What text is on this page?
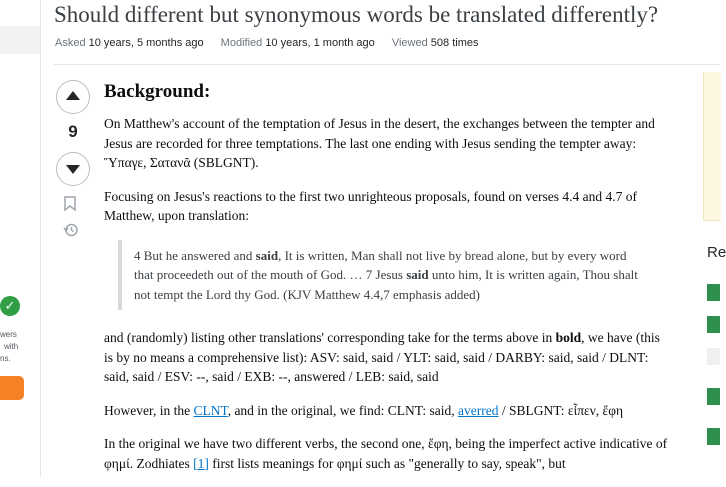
✓
wers
with
ns.
Should different but synonymous words be translated differently?
Asked 10 years, 5 months ago Modified 10 years, 1 month ago Viewed 508 times
9
Background:

On Matthew's account of the temptation of Jesus in the desert, the exchanges between the tempter and Jesus are recorded for three temptations. The last one ending with Jesus sending the tempter away: Ὕπαγε, Σατανᾶ (SBLGNT).

Focusing on Jesus's reactions to the first two unrighteous proposals, found on verses 4.4 and 4.7 of Matthew, upon translation:

4 But he answered and said, It is written, Man shall not live by bread alone, but by every word that proceedeth out of the mouth of God. … 7 Jesus said unto him, It is written again, Thou shalt not tempt the Lord thy God. (KJV Matthew 4.4,7 emphasis added)

and (randomly) listing other translations' corresponding take for the terms above in bold, we have (this is by no means a comprehensive list): ASV: said, said / YLT: said, said / DARBY: said, said / DLNT: said, said / ESV: --, said / EXB: --, answered / LEB: said, said

However, in the CLNT, and in the original, we find: CLNT: said, averred / SBLGNT: εἶπεν, ἔφη

In the original we have two different verbs, the second one, ἔφη, being the imperfect active indicative of φημί. Zodhiates [1] first lists meanings for φημί such as "generally to say, speak", but

Re
